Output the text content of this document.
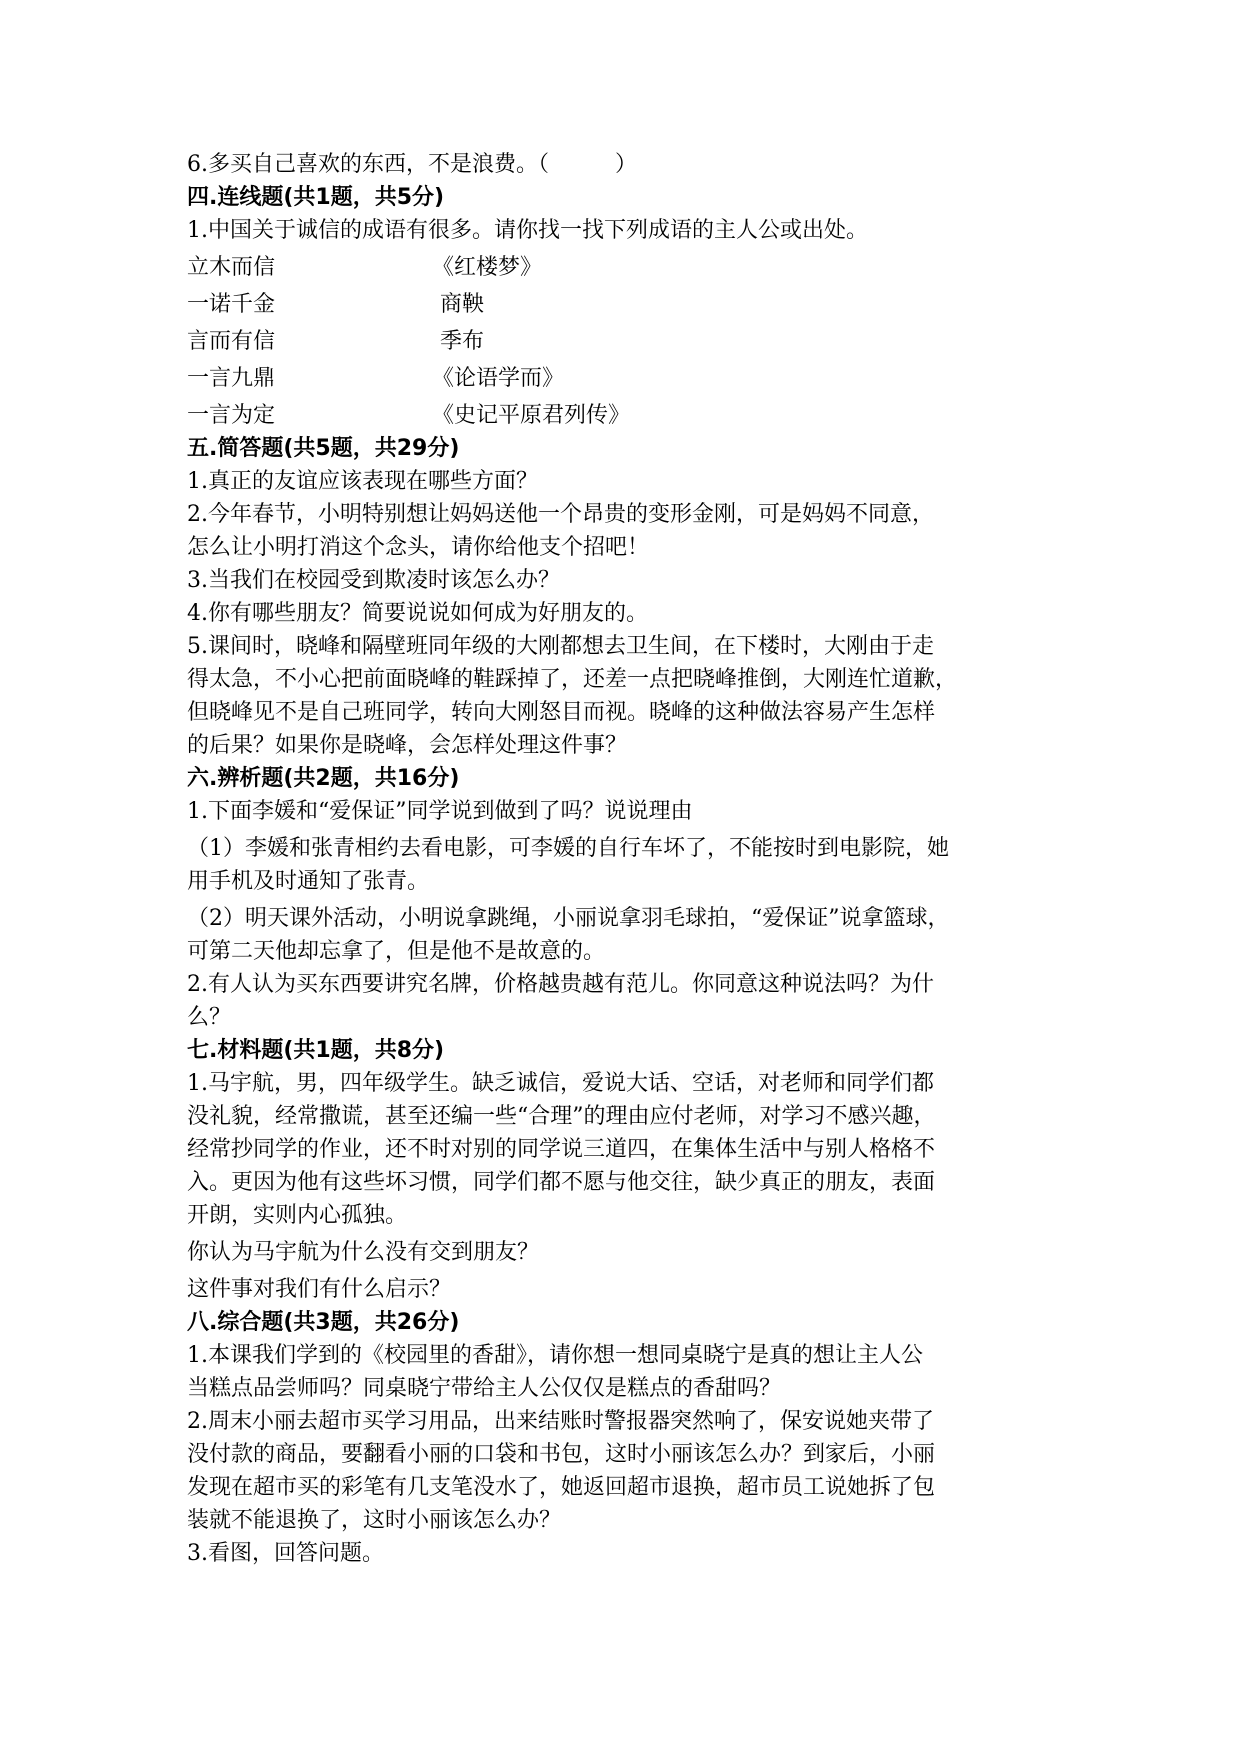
6.多买自己喜欢的东西，不是浪费。（　　　）
四.连线题(共1题，共5分)
1.中国关于诚信的成语有很多。请你找一找下列成语的主人公或出处。
立木而信	《红楼梦》
一诺千金	商鞅
言而有信	季布
一言九鼎	《论语学而》
一言为定	《史记平原君列传》
五.简答题(共5题，共29分)
1.真正的友谊应该表现在哪些方面？
2.今年春节，小明特别想让妈妈送他一个昂贵的变形金刚，可是妈妈不同意，
怎么让小明打消这个念头，请你给他支个招吧！
3.当我们在校园受到欺凌时该怎么办？
4.你有哪些朋友？简要说说如何成为好朋友的。
5.课间时，晓峰和隔壁班同年级的大刚都想去卫生间，在下楼时，大刚由于走
得太急，不小心把前面晓峰的鞋踩掉了，还差一点把晓峰推倒，大刚连忙道歉，
但晓峰见不是自己班同学，转向大刚怒目而视。晓峰的这种做法容易产生怎样
的后果？如果你是晓峰，会怎样处理这件事？
六.辨析题(共2题，共16分)
1.下面李媛和“爱保证”同学说到做到了吗？说说理由
（1）李媛和张青相约去看电影，可李媛的自行车坏了，不能按时到电影院，她
用手机及时通知了张青。
（2）明天课外活动，小明说拿跳绳，小丽说拿羽毛球拍，“爱保证”说拿篮球，
可第二天他却忘拿了，但是他不是故意的。
2.有人认为买东西要讲究名牌，价格越贵越有范儿。你同意这种说法吗？为什
么？
七.材料题(共1题，共8分)
1.马宇航，男，四年级学生。缺乏诚信，爱说大话、空话，对老师和同学们都
没礼貌，经常撒谎，甚至还编一些“合理”的理由应付老师，对学习不感兴趣，
经常抄同学的作业，还不时对别的同学说三道四，在集体生活中与别人格格不
入。更因为他有这些坏习惯，同学们都不愿与他交往，缺少真正的朋友，表面
开朗，实则内心孤独。
你认为马宇航为什么没有交到朋友？
这件事对我们有什么启示？
八.综合题(共3题，共26分)
1.本课我们学到的《校园里的香甜》，请你想一想同桌晓宁是真的想让主人公
当糕点品尝师吗？同桌晓宁带给主人公仅仅是糕点的香甜吗？
2.周末小丽去超市买学习用品，出来结账时警报器突然响了，保安说她夹带了
没付款的商品，要翻看小丽的口袋和书包，这时小丽该怎么办？到家后，小丽
发现在超市买的彩笔有几支笔没水了，她返回超市退换，超市员工说她拆了包
装就不能退换了，这时小丽该怎么办？
3.看图，回答问题。
